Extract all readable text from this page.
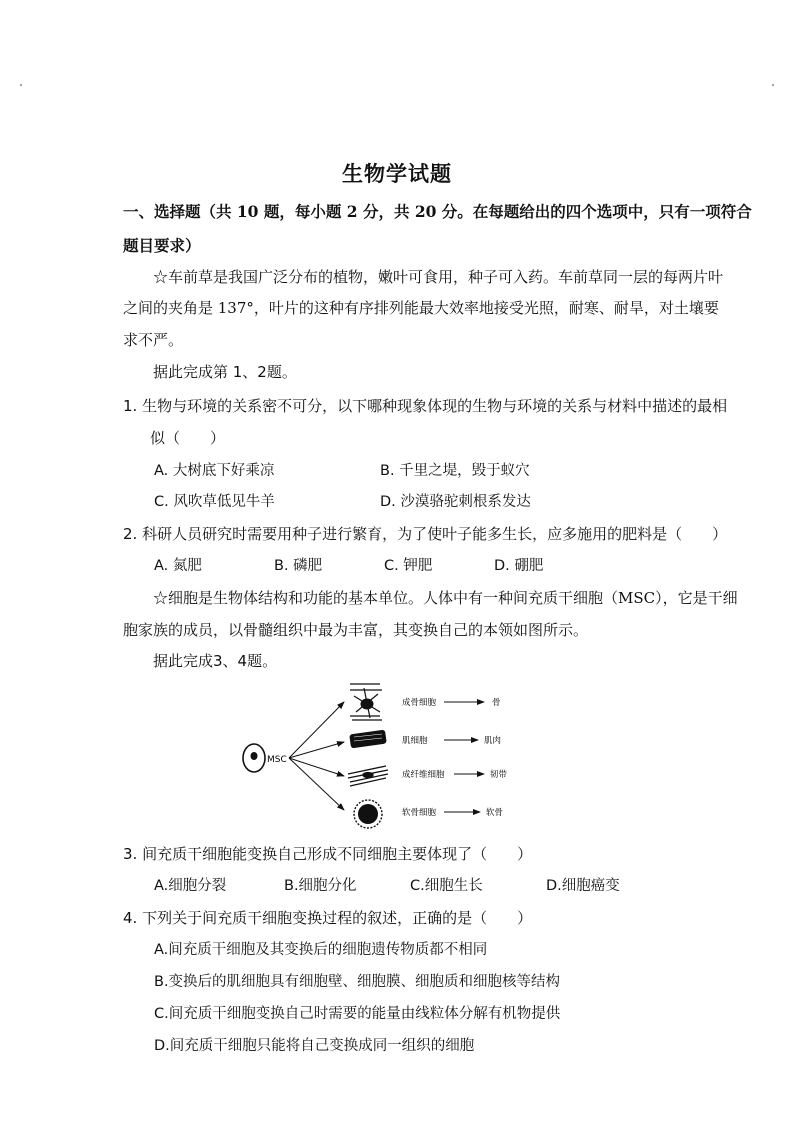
生物学试题
一、选择题（共 10 题，每小题 2 分，共 20 分。在每题给出的四个选项中，只有一项符合
题目要求）
☆车前草是我国广泛分布的植物，嫩叶可食用，种子可入药。车前草同一层的每两片叶
之间的夹角是 137°，叶片的这种有序排列能最大效率地接受光照，耐寒、耐旱，对土壤要
求不严。
据此完成第 1、2题。
1. 生物与环境的关系密不可分，以下哪种现象体现的生物与环境的关系与材料中描述的最相
似（　　）
A. 大树底下好乘凉	B. 千里之堤，毁于蚁穴
C. 风吹草低见牛羊	D. 沙漠骆驼刺根系发达
2. 科研人员研究时需要用种子进行繁育，为了使叶子能多生长，应多施用的肥料是（　　）
A. 氮肥	B. 磷肥	C. 钾肥	D. 硼肥
☆细胞是生物体结构和功能的基本单位。人体中有一种间充质干细胞（MSC），它是干细
胞家族的成员，以骨髓组织中最为丰富，其变换自己的本领如图所示。
据此完成3、4题。
MSC
成骨细胞
肌细胞
成纤维细胞
软骨细胞
骨
肌肉
韧带
软骨
3. 间充质干细胞能变换自己形成不同细胞主要体现了（　　）
A.细胞分裂	B.细胞分化	C.细胞生长	D.细胞癌变
4. 下列关于间充质干细胞变换过程的叙述，正确的是（　　）
A.间充质干细胞及其变换后的细胞遗传物质都不相同
B.变换后的肌细胞具有细胞壁、细胞膜、细胞质和细胞核等结构
C.间充质干细胞变换自己时需要的能量由线粒体分解有机物提供
D.间充质干细胞只能将自己变换成同一组织的细胞
